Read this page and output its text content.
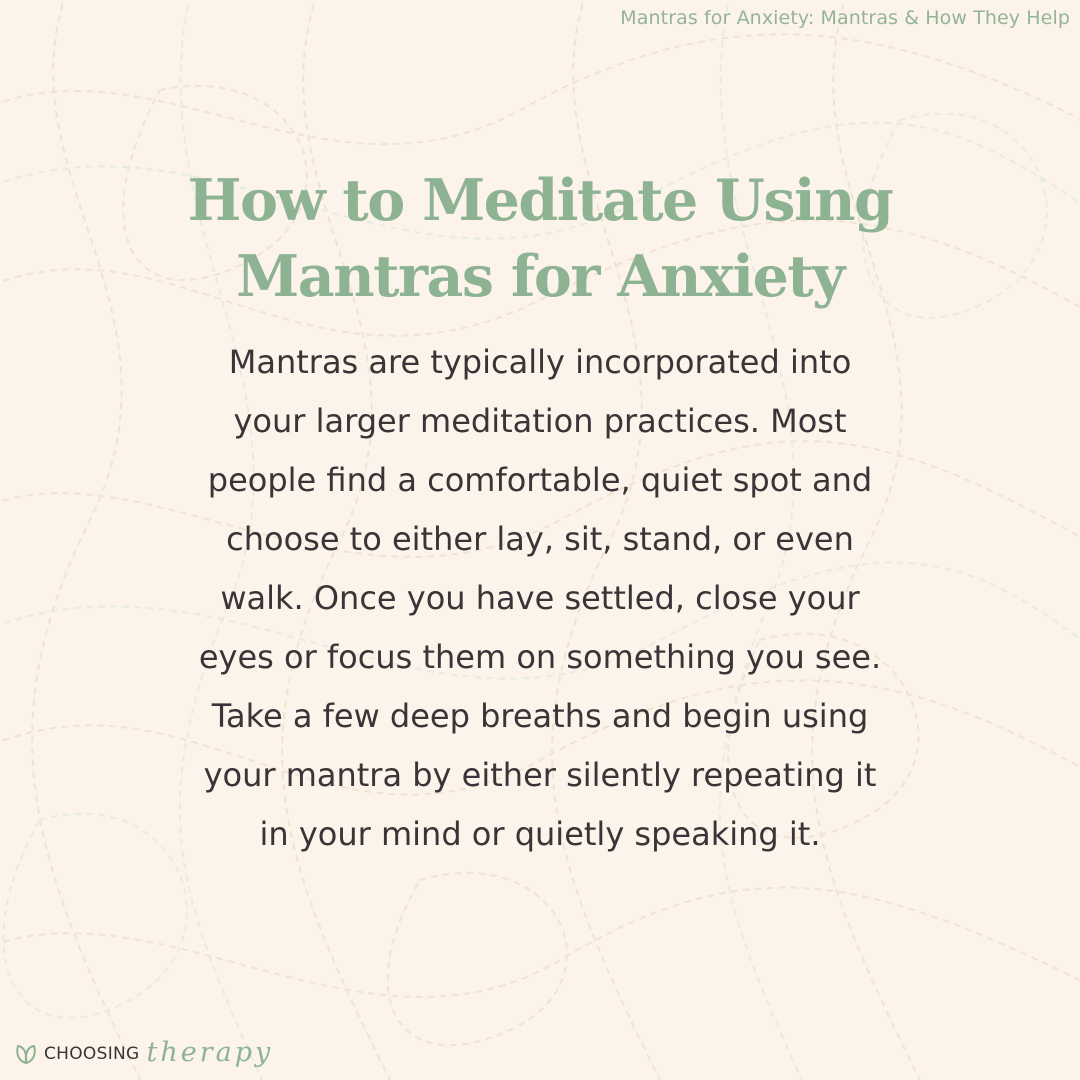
Mantras for Anxiety: Mantras & How They Help
How to Meditate Using
Mantras for Anxiety
Mantras are typically incorporated into
your larger meditation practices. Most
people find a comfortable, quiet spot and
choose to either lay, sit, stand, or even
walk. Once you have settled, close your
eyes or focus them on something you see.
Take a few deep breaths and begin using
your mantra by either silently repeating it
in your mind or quietly speaking it.
CHOOSING therapy
